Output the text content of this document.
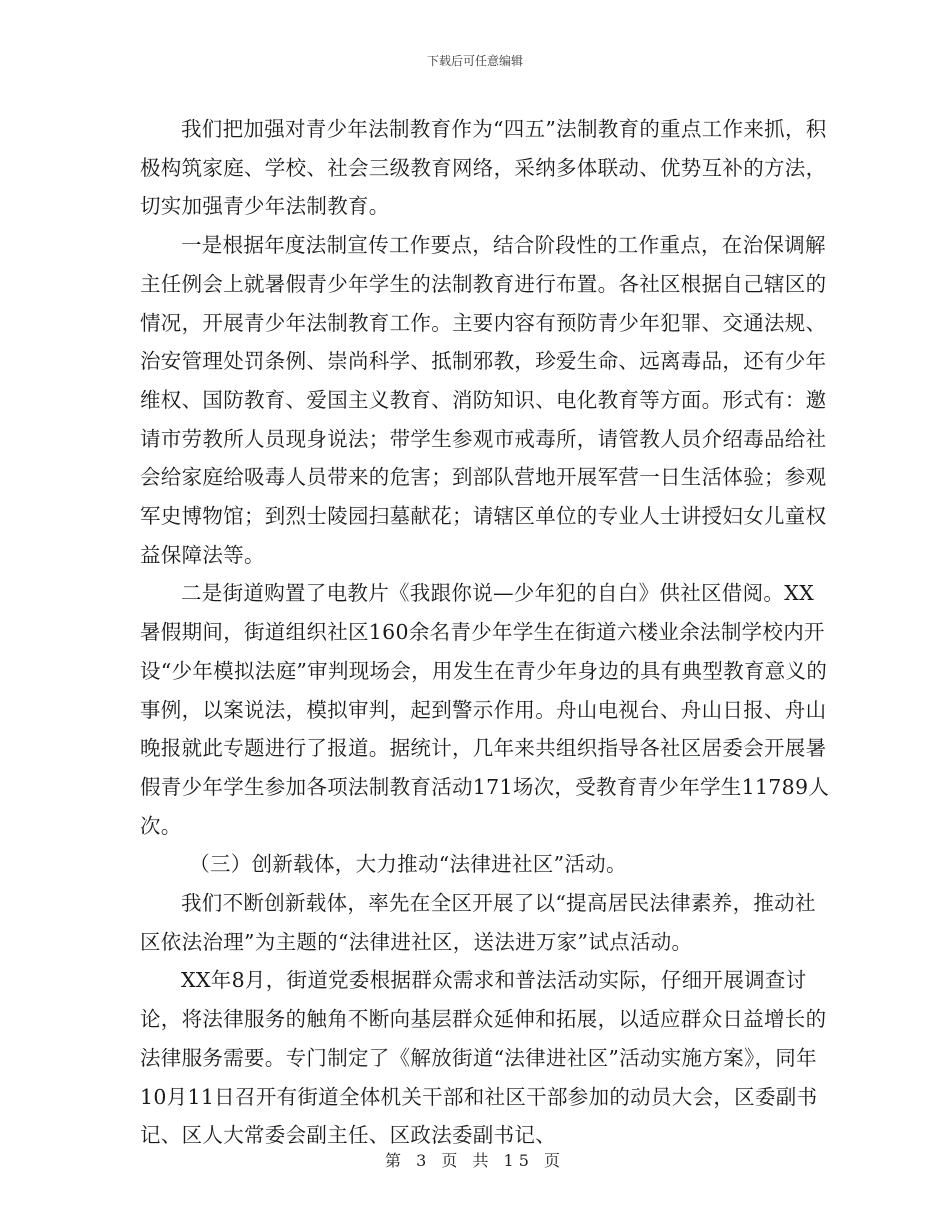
下载后可任意编辑

我们把加强对青少年法制教育作为“四五”法制教育的重点工作来抓，积极构筑家庭、学校、社会三级教育网络，采纳多体联动、优势互补的方法，切实加强青少年法制教育。

一是根据年度法制宣传工作要点，结合阶段性的工作重点，在治保调解主任例会上就暑假青少年学生的法制教育进行布置。各社区根据自己辖区的情况，开展青少年法制教育工作。主要内容有预防青少年犯罪、交通法规、治安管理处罚条例、崇尚科学、抵制邪教，珍爱生命、远离毒品，还有少年维权、国防教育、爱国主义教育、消防知识、电化教育等方面。形式有：邀请市劳教所人员现身说法；带学生参观市戒毒所，请管教人员介绍毒品给社会给家庭给吸毒人员带来的危害；到部队营地开展军营一日生活体验；参观军史博物馆；到烈士陵园扫墓献花；请辖区单位的专业人士讲授妇女儿童权益保障法等。

二是街道购置了电教片《我跟你说—少年犯的自白》供社区借阅。XX暑假期间，街道组织社区160余名青少年学生在街道六楼业余法制学校内开设“少年模拟法庭”审判现场会，用发生在青少年身边的具有典型教育意义的事例，以案说法，模拟审判，起到警示作用。舟山电视台、舟山日报、舟山晚报就此专题进行了报道。据统计，几年来共组织指导各社区居委会开展暑假青少年学生参加各项法制教育活动171场次，受教育青少年学生11789人次。

（三）创新载体，大力推动“法律进社区”活动。

我们不断创新载体，率先在全区开展了以“提高居民法律素养，推动社区依法治理”为主题的“法律进社区，送法进万家”试点活动。

XX年8月，街道党委根据群众需求和普法活动实际，仔细开展调查讨论，将法律服务的触角不断向基层群众延伸和拓展，以适应群众日益增长的法律服务需要。专门制定了《解放街道“法律进社区”活动实施方案》，同年10月11日召开有街道全体机关干部和社区干部参加的动员大会，区委副书记、区人大常委会副主任、区政法委副书记、

第 3 页 共 15 页
